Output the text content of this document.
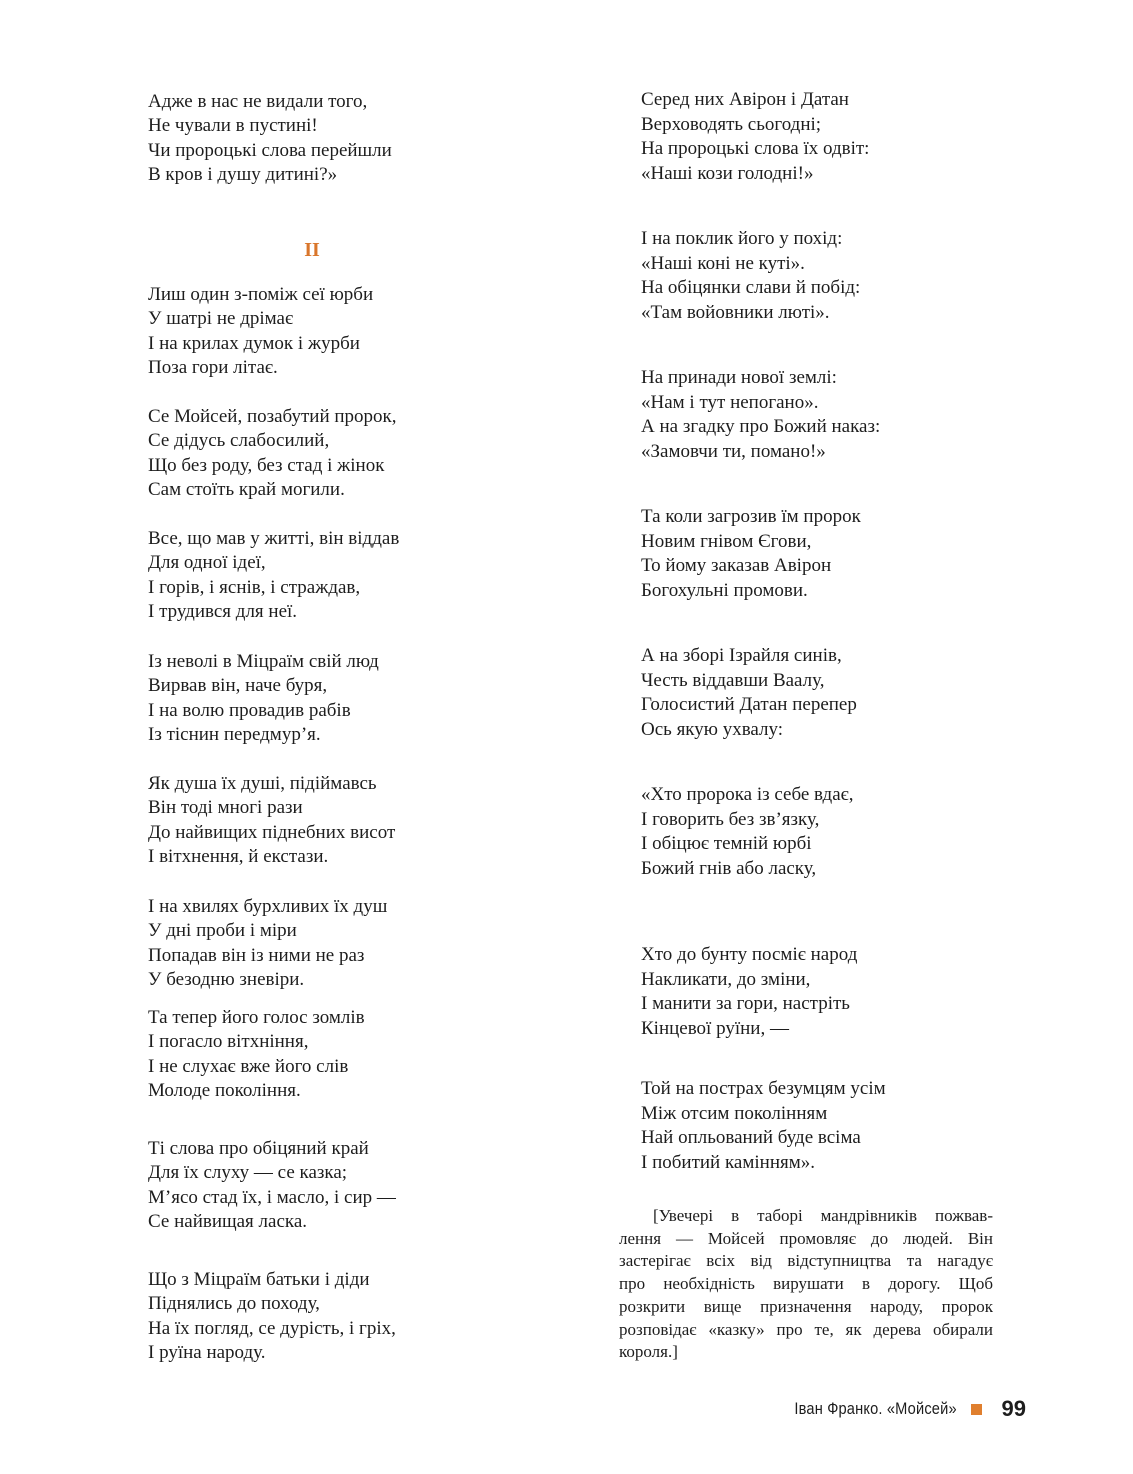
Адже в нас не видали того,
Не чували в пустині!
Чи пророцькі слова перейшли
В кров і душу дитині?»
II
Лиш один з-поміж сеї юрби
У шатрі не дрімає
І на крилах думок і журби
Поза гори літає.
Се Мойсей, позабутий пророк,
Се дідусь слабосилий,
Що без роду, без стад і жінок
Сам стоїть край могили.
Все, що мав у житті, він віддав
Для одної ідеї,
І горів, і яснів, і страждав,
І трудився для неї.
Із неволі в Міцраїм свій люд
Вирвав він, наче буря,
І на волю провадив рабів
Із тіснин передмур’я.
Як душа їх душі, підіймавсь
Він тоді многі рази
До найвищих піднебних висот
І вітхнення, й екстази.
І на хвилях бурхливих їх душ
У дні проби і міри
Попадав він із ними не раз
У безодню зневіри.
Та тепер його голос зомлів
І погасло вітхніння,
І не слухає вже його слів
Молоде покоління.
Ті слова про обіцяний край
Для їх слуху — се казка;
М’ясо стад їх, і масло, і сир —
Се найвищая ласка.
Що з Міцраїм батьки і діди
Піднялись до походу,
На їх погляд, се дурість, і гріх,
І руїна народу.
Серед них Авірон і Датан
Верховодять сьогодні;
На пророцькі слова їх одвіт:
«Наші кози голодні!»
І на поклик його у похід:
«Наші коні не куті».
На обіцянки слави й побід:
«Там войовники люті».
На принади нової землі:
«Нам і тут непогано».
А на згадку про Божий наказ:
«Замовчи ти, помано!»
Та коли загрозив їм пророк
Новим гнівом Єгови,
То йому заказав Авірон
Богохульні промови.
А на зборі Ізрайля синів,
Честь віддавши Ваалу,
Голосистий Датан перепер
Ось якую ухвалу:
«Хто пророка із себе вдає,
І говорить без зв’язку,
І обіцює темній юрбі
Божий гнів або ласку,
Хто до бунту посміє народ
Накликати, до зміни,
І манити за гори, настріть
Кінцевої руїни, —
Той на пострах безумцям усім
Між отсим поколінням
Най опльований буде всіма
І побитий камінням».
[Увечері в таборі мандрівників пожвав-
лення — Мойсей промовляє до людей. Він
застерігає всіх від відступництва та нагадує
про необхідність вирушати в дорогу. Щоб
розкрити вище призначення народу, пророк
розповідає «казку» про те, як дерева обирали
короля.]
Іван Франко. «Мойсей» 99
